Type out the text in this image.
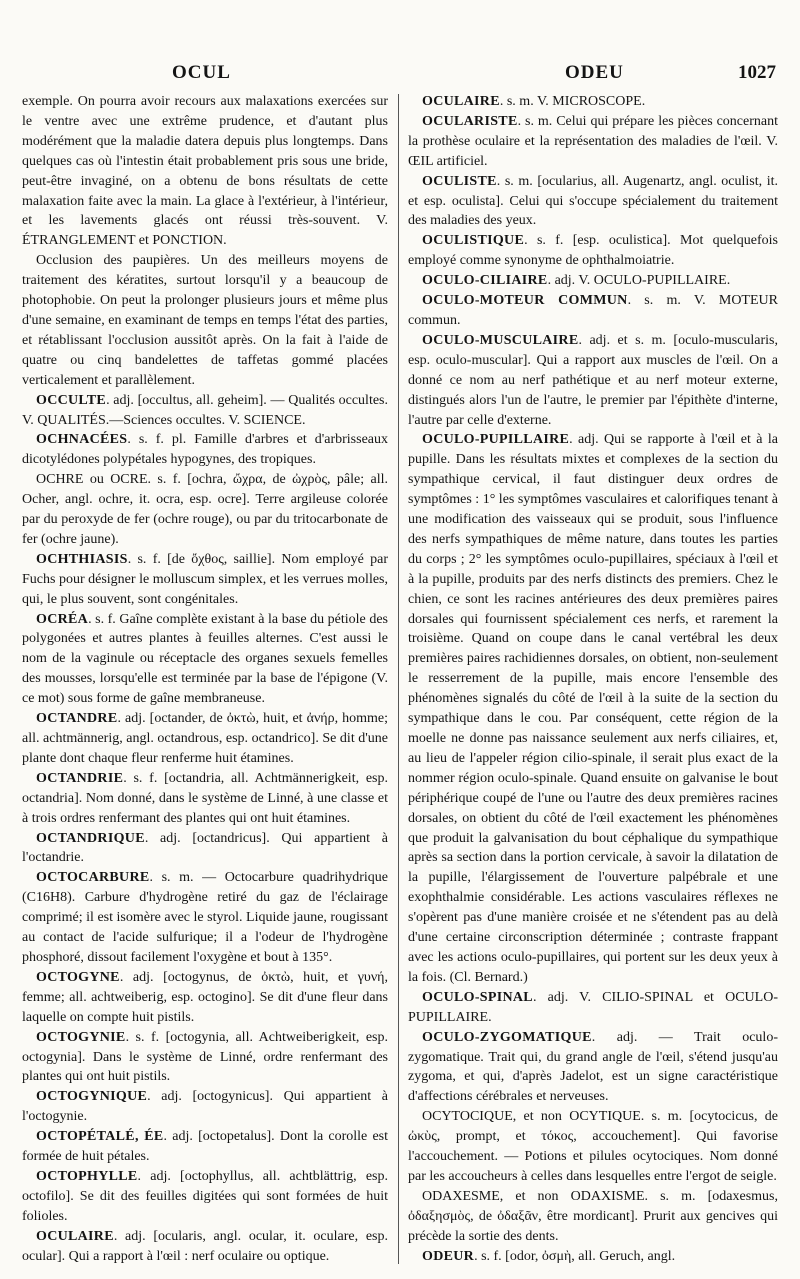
OCUL	ODEU	1027

exemple. On pourra avoir recours aux malaxations exercées sur le ventre avec une extrême prudence, et d'autant plus modérément que la maladie datera depuis plus longtemps. Dans quelques cas où l'intestin était probablement pris sous une bride, peut-être invaginé, on a obtenu de bons résultats de cette malaxation faite avec la main. La glace à l'extérieur, à l'intérieur, et les lavements glacés ont réussi très-souvent. V. ÉTRANGLEMENT et PONCTION.

Occlusion des paupières. Un des meilleurs moyens de traitement des kératites, surtout lorsqu'il y a beaucoup de photophobie. On peut la prolonger plusieurs jours et même plus d'une semaine, en examinant de temps en temps l'état des parties, et rétablissant l'occlusion aussitôt après. On la fait à l'aide de quatre ou cinq bandelettes de taffetas gommé placées verticalement et parallèlement.

OCCULTE. adj. [occultus, all. geheim]. — Qualités occultes. V. QUALITÉS.—Sciences occultes. V. SCIENCE.

OCHNACÉES. s. f. pl. Famille d'arbres et d'arbrisseaux dicotylédones polypétales hypogynes, des tropiques.

OCHRE ou OCRE. s. f. [ochra, ὤχρα, de ὠχρὸς, pâle; all. Ocher, angl. ochre, it. ocra, esp. ocre]. Terre argileuse colorée par du peroxyde de fer (ochre rouge), ou par du tritocarbonate de fer (ochre jaune).

OCHTHIASIS. s. f. [de ὄχθος, saillie]. Nom employé par Fuchs pour désigner le molluscum simplex, et les verrues molles, qui, le plus souvent, sont congénitales.

OCRÉA. s. f. Gaîne complète existant à la base du pétiole des polygonées et autres plantes à feuilles alternes. C'est aussi le nom de la vaginule ou réceptacle des organes sexuels femelles des mousses, lorsqu'elle est terminée par la base de l'épigone (V. ce mot) sous forme de gaîne membraneuse.

OCTANDRE. adj. [octander, de ὀκτὼ, huit, et ἀνήρ, homme; all. achtmännerig, angl. octandrous, esp. octandrico]. Se dit d'une plante dont chaque fleur renferme huit étamines.

OCTANDRIE. s. f. [octandria, all. Achtmännerigkeit, esp. octandria]. Nom donné, dans le système de Linné, à une classe et à trois ordres renfermant des plantes qui ont huit étamines.

OCTANDRIQUE. adj. [octandricus]. Qui appartient à l'octandrie.

OCTOCARBURE. s. m. — Octocarbure quadrihydrique (C16H8). Carbure d'hydrogène retiré du gaz de l'éclairage comprimé; il est isomère avec le styrol. Liquide jaune, rougissant au contact de l'acide sulfurique; il a l'odeur de l'hydrogène phosphoré, dissout facilement l'oxygène et bout à 135°.

OCTOGYNE. adj. [octogynus, de ὀκτὼ, huit, et γυνή, femme; all. achtweiberig, esp. octogino]. Se dit d'une fleur dans laquelle on compte huit pistils.

OCTOGYNIE. s. f. [octogynia, all. Achtweiberigkeit, esp. octogynia]. Dans le système de Linné, ordre renfermant des plantes qui ont huit pistils.

OCTOGYNIQUE. adj. [octogynicus]. Qui appartient à l'octogynie.

OCTOPÉTALÉ, ÉE. adj. [octopetalus]. Dont la corolle est formée de huit pétales.

OCTOPHYLLE. adj. [octophyllus, all. achtblättrig, esp. octofilo]. Se dit des feuilles digitées qui sont formées de huit folioles.

OCULAIRE. adj. [ocularis, angl. ocular, it. oculare, esp. ocular]. Qui a rapport à l'œil : nerf oculaire ou optique.

OCULAIRE. s. m. V. MICROSCOPE.

OCULARISTE. s. m. Celui qui prépare les pièces concernant la prothèse oculaire et la représentation des maladies de l'œil. V. ŒIL artificiel.

OCULISTE. s. m. [ocularius, all. Augenartz, angl. oculist, it. et esp. oculista]. Celui qui s'occupe spécialement du traitement des maladies des yeux.

OCULISTIQUE. s. f. [esp. oculistica]. Mot quelquefois employé comme synonyme de ophthalmoiatrie.

OCULO-CILIAIRE. adj. V. OCULO-PUPILLAIRE.

OCULO-MOTEUR COMMUN. s. m. V. MOTEUR commun.

OCULO-MUSCULAIRE. adj. et s. m. [oculo-muscularis, esp. oculo-muscular]. Qui a rapport aux muscles de l'œil. On a donné ce nom au nerf pathétique et au nerf moteur externe, distingués alors l'un de l'autre, le premier par l'épithète d'interne, l'autre par celle d'externe.

OCULO-PUPILLAIRE. adj. Qui se rapporte à l'œil et à la pupille. Dans les résultats mixtes et complexes de la section du sympathique cervical, il faut distinguer deux ordres de symptômes : 1° les symptômes vasculaires et calorifiques tenant à une modification des vaisseaux qui se produit, sous l'influence des nerfs sympathiques de même nature, dans toutes les parties du corps ; 2° les symptômes oculo-pupillaires, spéciaux à l'œil et à la pupille, produits par des nerfs distincts des premiers. Chez le chien, ce sont les racines antérieures des deux premières paires dorsales qui fournissent spécialement ces nerfs, et rarement la troisième. Quand on coupe dans le canal vertébral les deux premières paires rachidiennes dorsales, on obtient, non-seulement le resserrement de la pupille, mais encore l'ensemble des phénomènes signalés du côté de l'œil à la suite de la section du sympathique dans le cou. Par conséquent, cette région de la moelle ne donne pas naissance seulement aux nerfs ciliaires, et, au lieu de l'appeler région cilio-spinale, il serait plus exact de la nommer région oculo-spinale. Quand ensuite on galvanise le bout périphérique coupé de l'une ou l'autre des deux premières racines dorsales, on obtient du côté de l'œil exactement les phénomènes que produit la galvanisation du bout céphalique du sympathique après sa section dans la portion cervicale, à savoir la dilatation de la pupille, l'élargissement de l'ouverture palpébrale et une exophthalmie considérable. Les actions vasculaires réflexes ne s'opèrent pas d'une manière croisée et ne s'étendent pas au delà d'une certaine circonscription déterminée ; contraste frappant avec les actions oculo-pupillaires, qui portent sur les deux yeux à la fois. (Cl. Bernard.)

OCULO-SPINAL. adj. V. CILIO-SPINAL et OCULO-PUPILLAIRE.

OCULO-ZYGOMATIQUE. adj. — Trait oculo-zygomatique. Trait qui, du grand angle de l'œil, s'étend jusqu'au zygoma, et qui, d'après Jadelot, est un signe caractéristique d'affections cérébrales et nerveuses.

OCYTOCIQUE, et non OCYTIQUE. s. m. [ocytocicus, de ὠκὺς, prompt, et τόκος, accouchement]. Qui favorise l'accouchement. — Potions et pilules ocytociques. Nom donné par les accoucheurs à celles dans lesquelles entre l'ergot de seigle.

ODAXESME, et non ODAXISME. s. m. [odaxesmus, ὀδαξησμὸς, de ὀδαξᾶν, être mordicant]. Prurit aux gencives qui précède la sortie des dents.

ODEUR. s. f. [odor, ὀσμὴ, all. Geruch, angl.
